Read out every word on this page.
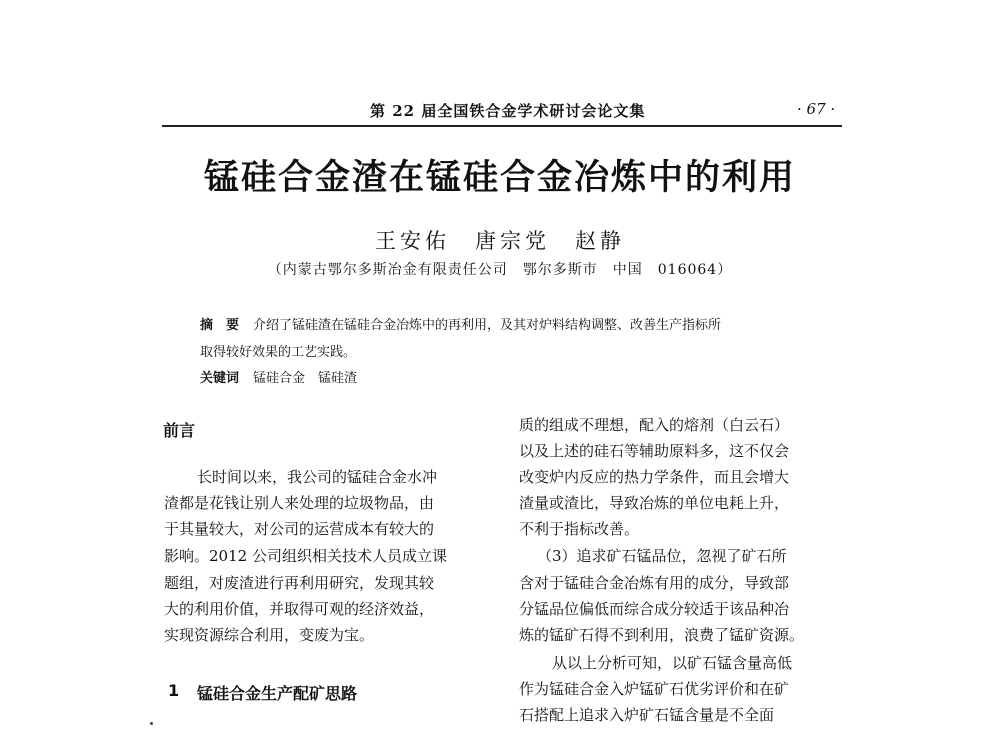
第 22 届全国铁合金学术研讨会论文集	· 67 ·
锰硅合金渣在锰硅合金冶炼中的利用
王安佑　唐宗党　赵静
（内蒙古鄂尔多斯冶金有限责任公司　鄂尔多斯市　中国　016064）
摘　要 介绍了锰硅渣在锰硅合金冶炼中的再利用，及其对炉料结构调整、改善生产指标所
取得较好效果的工艺实践。
关键词 锰硅合金　锰硅渣
前言
长时间以来，我公司的锰硅合金水冲
渣都是花钱让别人来处理的垃圾物品，由
于其量较大，对公司的运营成本有较大的
影响。2012 公司组织相关技术人员成立课
题组，对废渣进行再利用研究，发现其较
大的利用价值，并取得可观的经济效益，
实现资源综合利用，变废为宝。
1 锰硅合金生产配矿思路
质的组成不理想，配入的熔剂（白云石）
以及上述的硅石等辅助原料多，这不仅会
改变炉内反应的热力学条件，而且会增大
渣量或渣比，导致冶炼的单位电耗上升，
不利于指标改善。
（3）追求矿石锰品位，忽视了矿石所
含对于锰硅合金冶炼有用的成分，导致部
分锰品位偏低而综合成分较适于该品种冶
炼的锰矿石得不到利用，浪费了锰矿资源。
从以上分析可知，以矿石锰含量高低
作为锰硅合金入炉锰矿石优劣评价和在矿
石搭配上追求入炉矿石锰含量是不全面
